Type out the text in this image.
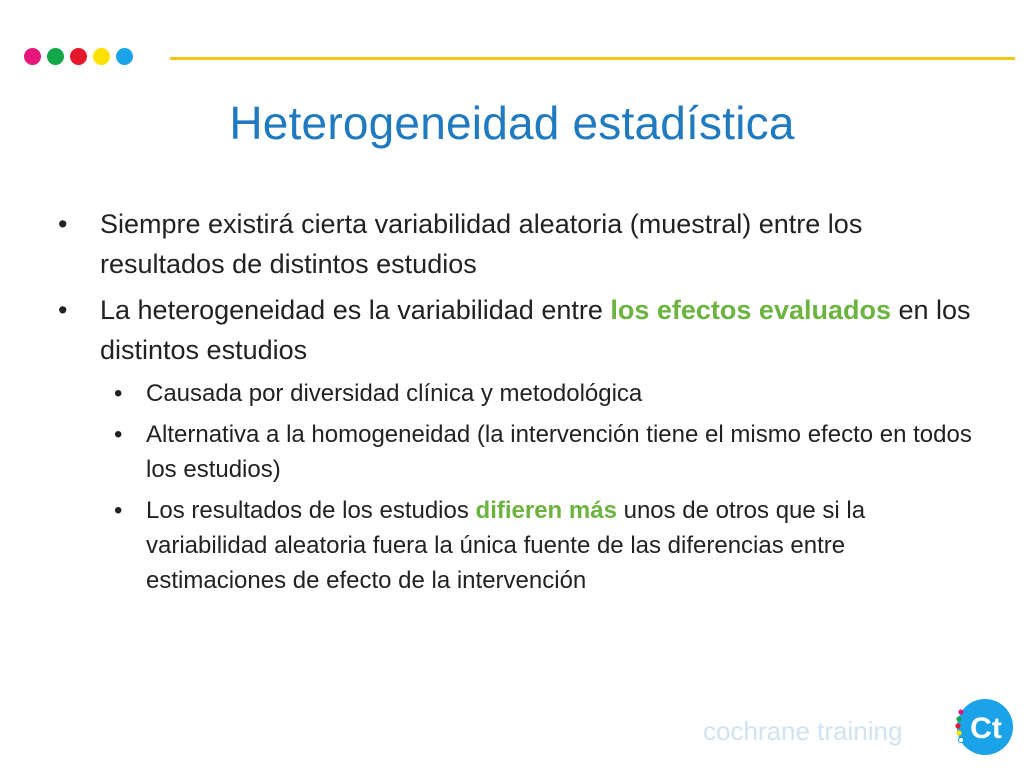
Heterogeneidad estadística
• Siempre existirá cierta variabilidad aleatoria (muestral) entre los resultados de distintos estudios
• La heterogeneidad es la variabilidad entre los efectos evaluados en los distintos estudios
• Causada por diversidad clínica y metodológica
• Alternativa a la homogeneidad (la intervención tiene el mismo efecto en todos los estudios)
• Los resultados de los estudios difieren más unos de otros que si la variabilidad aleatoria fuera la única fuente de las diferencias entre estimaciones de efecto de la intervención
cochrane training Ct
